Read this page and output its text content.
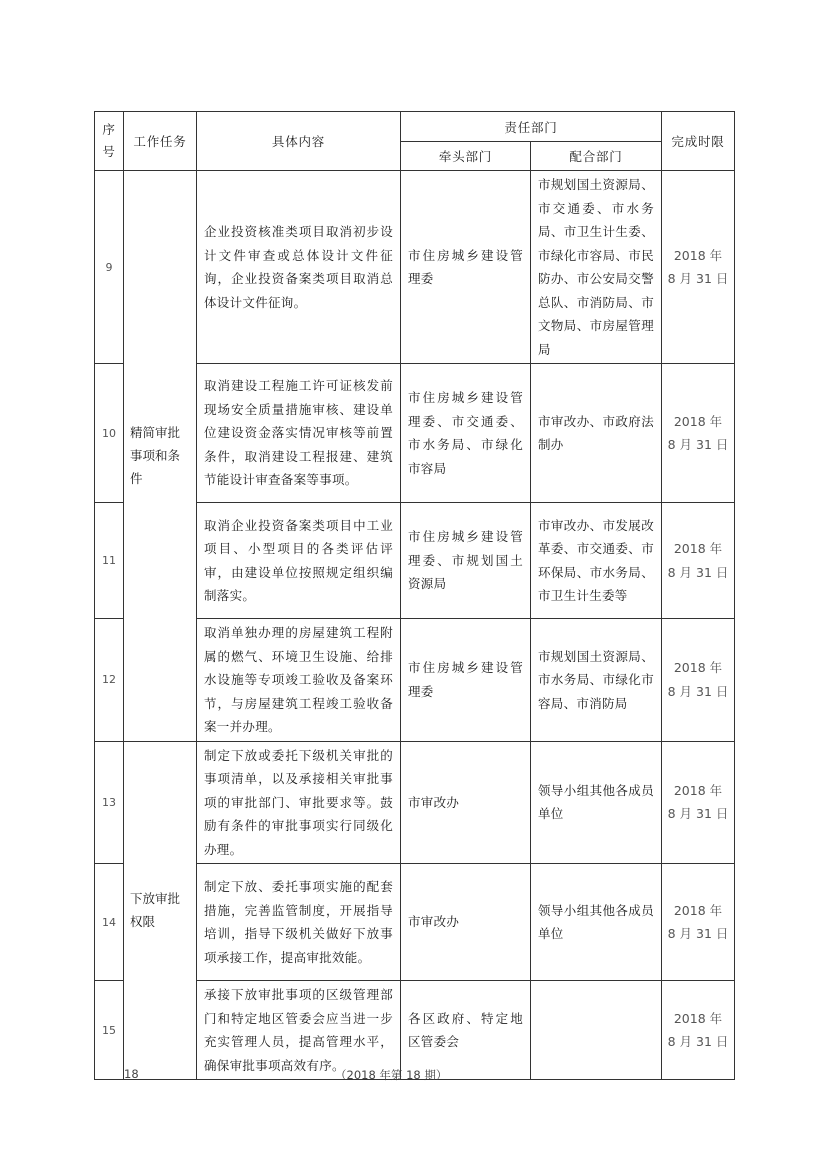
序号	工作任务	具体内容	责任部门		完成时限
			牵头部门	配合部门	
9	精简审批事项和条件	企业投资核准类项目取消初步设计文件审查或总体设计文件征询，企业投资备案类项目取消总体设计文件征询。	市住房城乡建设管理委	市规划国土资源局、市交通委、市水务局、市卫生计生委、市绿化市容局、市民防办、市公安局交警总队、市消防局、市文物局、市房屋管理局	2018 年
8 月 31 日
10		取消建设工程施工许可证核发前现场安全质量措施审核、建设单位建设资金落实情况审核等前置条件，取消建设工程报建、建筑节能设计审查备案等事项。	市住房城乡建设管理委、市交通委、市水务局、市绿化市容局	市审改办、市政府法制办	2018 年
8 月 31 日
11		取消企业投资备案类项目中工业项目、小型项目的各类评估评审，由建设单位按照规定组织编制落实。	市住房城乡建设管理委、市规划国土资源局	市审改办、市发展改革委、市交通委、市环保局、市水务局、市卫生计生委等	2018 年
8 月 31 日
12		取消单独办理的房屋建筑工程附属的燃气、环境卫生设施、给排水设施等专项竣工验收及备案环节，与房屋建筑工程竣工验收备案一并办理。	市住房城乡建设管理委	市规划国土资源局、市水务局、市绿化市容局、市消防局	2018 年
8 月 31 日
13	下放审批权限	制定下放或委托下级机关审批的事项清单，以及承接相关审批事项的审批部门、审批要求等。鼓励有条件的审批事项实行同级化办理。	市审改办	领导小组其他各成员单位	2018 年
8 月 31 日
14		制定下放、委托事项实施的配套措施，完善监管制度，开展指导培训，指导下级机关做好下放事项承接工作，提高审批效能。	市审改办	领导小组其他各成员单位	2018 年
8 月 31 日
15		承接下放审批事项的区级管理部门和特定地区管委会应当进一步充实管理人员，提高管理水平，确保审批事项高效有序。	各区政府、特定地区管委会		2018 年
8 月 31 日
18	（2018 年第 18 期）
